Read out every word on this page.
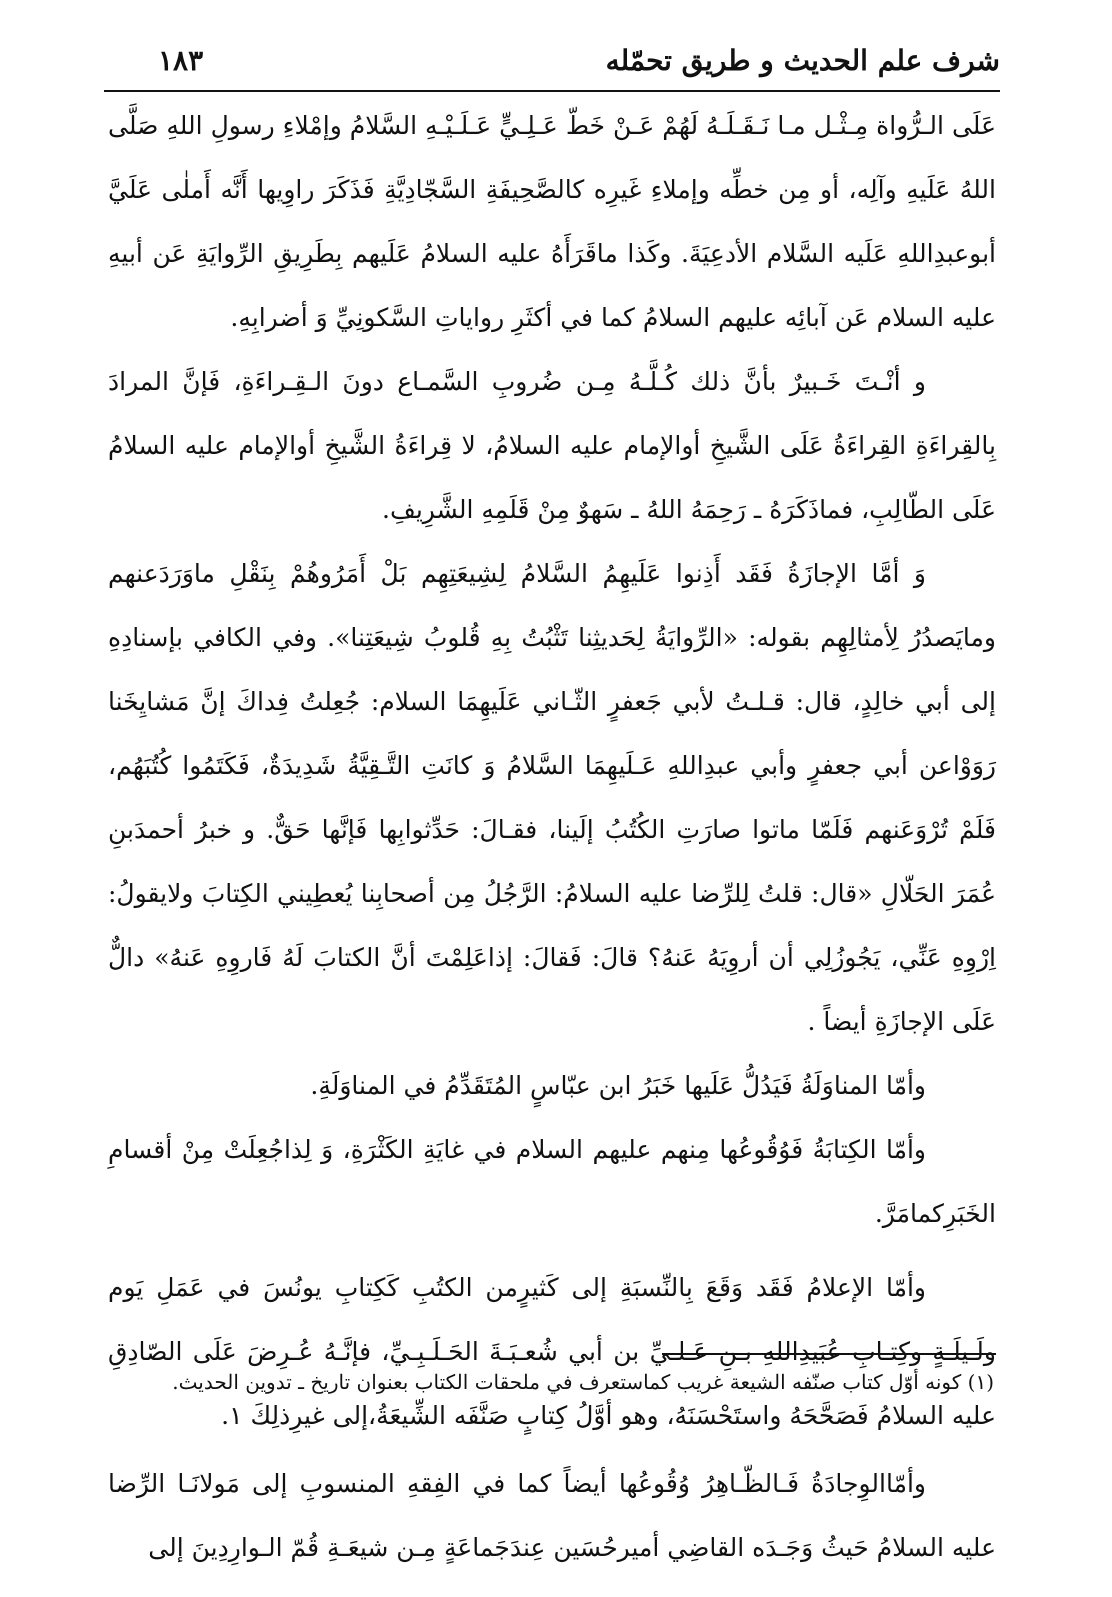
شرف علم الحديث و طريق تحمّله
١٨٣

عَلَى الـرُّواة مِـثْـل مـا نَـقَـلَـهُ لَهُمْ عَـنْ خَطّ عَـلِـيٍّ عَـلَـيْـهِ السَّلامُ وإمْلاءِ رسولِ اللهِ صَلَّى اللهُ عَلَيهِ وآلِه، أو مِن خطِّه وإملاءِ غَيرِه كالصَّحِيفَةِ السَّجّادِيَّةِ فَذَكَرَ راوِيها أَنَّه أَملٰى عَلَيَّ أبوعبدِاللهِ عَلَيه السَّلام الأدعِيَةَ. وكَذا ماقَرَأَهُ عليه السلامُ عَلَيهم بِطَرِيقِ الرِّوايَةِ عَن أبيهِ عليه السلام عَن آبائِه عليهم السلامُ كما في أكثَرِ رواياتِ السَّكونِيِّ وَ أضرابِهِ.

و أنْـتَ خَـبيرٌ بأنَّ ذلك كُـلَّـهُ مِـن ضُروبِ السَّمـاع دونَ الـقِـراءَةِ، فَإنَّ المرادَ بِالقِراءَةِ القِراءَةُ عَلَى الشَّيخِ أوالإمام عليه السلامُ، لا قِراءَةُ الشَّيخِ أوالإمام عليه السلامُ عَلَى الطّالِبِ، فماذَكَرَهُ ـ رَحِمَهُ اللهُ ـ سَهوٌ مِنْ قَلَمِهِ الشَّرِيفِ.

وَ أمَّا الإجازَةُ فَقَد أَذِنوا عَلَيهِمُ السَّلامُ لِشِيعَتِهِم بَلْ أَمَرُوهُمْ بِنَقْلِ ماوَرَدَعنهم ومايَصدُرُ لِأمثالِهِم بقوله: «الرِّوايَةُ لِحَديثِنا تَثْبُتُ بِهِ قُلوبُ شِيعَتِنا». وفي الكافي بإسنادِهِ إلى أبي خالِدٍ، قال: قـلـتُ لأبي جَعفرٍ الثّـاني عَلَيهِمَا السلام: جُعِلتُ فِداكَ إنَّ مَشايِخَنا رَوَوْاعن أبي جعفرٍ وأبي عبدِاللهِ عَـلَيهِمَا السَّلامُ وَ كانَتِ التَّـقِيَّةُ شَدِيدَةٌ، فَكَتَمُوا كُتُبَهُم، فَلَمْ تُرْوَعَنهم فَلَمّا ماتوا صارَتِ الكُتُبُ إلَينا، فقـالَ: حَدِّثوابِها فَإنَّها حَقٌّ. و خبرُ أحمدَبنِ عُمَرَ الحَلّالِ «قال: قلتُ لِلرِّضا عليه السلامُ: الرَّجُلُ مِن أصحابِنا يُعطِيني الكِتابَ ولايقولُ: اِرْوِهِ عَنِّي، يَجُوزُلِي أن أروِيَهُ عَنهُ؟ قالَ: فَقالَ: إذاعَلِمْتَ أنَّ الكتابَ لَهُ فَاروِهِ عَنهُ» دالٌّ عَلَى الإجازَةِ أيضاً .

وأمّا المناوَلَةُ فَيَدُلُّ عَلَيها خَبَرُ ابن عبّاسٍ المُتَقَدِّمُ في المناوَلَةِ.

وأمّا الكِتابَةُ فَوُقُوعُها مِنهم عليهم السلام في غايَةِ الكَثْرَةِ، وَ لِذاجُعِلَتْ مِنْ أقسامِ الخَبَرِكمامَرَّ.

وأمّا الإعلامُ فَقَد وَقَعَ بِالنِّسبَةِ إلى كَثيرٍمن الكتُبِ كَكِتابِ يونُسَ في عَمَلِ يَوم ولَـيلَـةٍ وكِتـابِ عُبَيدِاللهِ بـنِ عَـلـيِّ بن أبي شُعـبَـةَ الحَـلَـبِـيِّ، فإنَّـهُ عُـرِضَ عَلَى الصّادِقِ عليه السلامُ فَصَحَّحَهُ واستَحْسَنَهُ، وهو أوَّلُ كِتابٍ صَنَّفَه الشِّيعَةُ،إلى غيرِذلِكَ ١.

وأمّاالوِجادَةُ فَـالظّـاهِرُ وُقُوعُها أيضاً كما في الفِقهِ المنسوبِ إلى مَولانَـا الرِّضا عليه السلامُ حَيثُ وَجَـدَه القاضِي أميرحُسَين عِندَجَماعَةٍ مِـن شيعَـةِ قُمّ الـوارِدِينَ إلى

(١) كونه أوّل كتاب صنّفه الشيعة غريب كماستعرف في ملحقات الكتاب بعنوان تاريخ ـ تدوين الحديث.
